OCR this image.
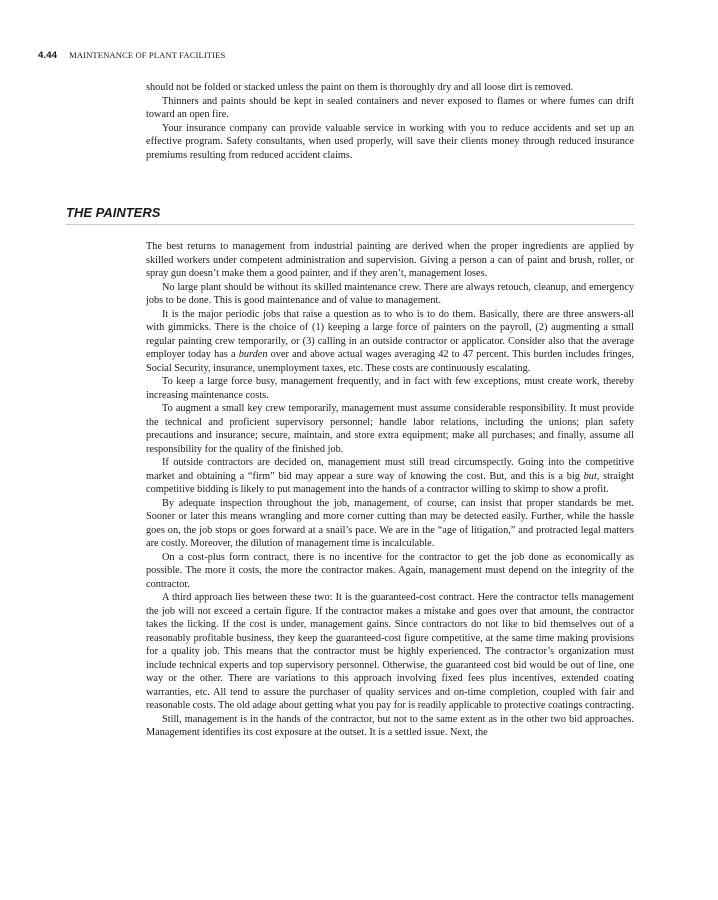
4.44 MAINTENANCE OF PLANT FACILITIES

should not be folded or stacked unless the paint on them is thoroughly dry and all loose dirt is removed.

Thinners and paints should be kept in sealed containers and never exposed to flames or where fumes can drift toward an open fire.

Your insurance company can provide valuable service in working with you to reduce accidents and set up an effective program. Safety consultants, when used properly, will save their clients money through reduced insurance premiums resulting from reduced accident claims.

THE PAINTERS

The best returns to management from industrial painting are derived when the proper ingredients are applied by skilled workers under competent administration and supervision. Giving a person a can of paint and brush, roller, or spray gun doesn’t make them a good painter, and if they aren’t, management loses.

No large plant should be without its skilled maintenance crew. There are always retouch, cleanup, and emergency jobs to be done. This is good maintenance and of value to management.

It is the major periodic jobs that raise a question as to who is to do them. Basically, there are three answers-all with gimmicks. There is the choice of (1) keeping a large force of painters on the payroll, (2) augmenting a small regular painting crew temporarily, or (3) calling in an outside contractor or applicator. Consider also that the average employer today has a burden over and above actual wages averaging 42 to 47 percent. This burden includes fringes, Social Security, insurance, unemployment taxes, etc. These costs are continuously escalating.

To keep a large force busy, management frequently, and in fact with few exceptions, must create work, thereby increasing maintenance costs.

To augment a small key crew temporarily, management must assume considerable responsibility. It must provide the technical and proficient supervisory personnel; handle labor relations, including the unions; plan safety precautions and insurance; secure, maintain, and store extra equipment; make all purchases; and finally, assume all responsibility for the quality of the finished job.

If outside contractors are decided on, management must still tread circumspectly. Going into the competitive market and obtaining a “firm” bid may appear a sure way of knowing the cost. But, and this is a big but, straight competitive bidding is likely to put management into the hands of a contractor willing to skimp to show a profit.

By adequate inspection throughout the job, management, of course, can insist that proper standards be met. Sooner or later this means wrangling and more corner cutting than may be detected easily. Further, while the hassle goes on, the job stops or goes forward at a snail’s pace. We are in the “age of litigation,” and protracted legal matters are costly. Moreover, the dilution of management time is incalculable.

On a cost-plus form contract, there is no incentive for the contractor to get the job done as economically as possible. The more it costs, the more the contractor makes. Again, management must depend on the integrity of the contractor.

A third approach lies between these two: It is the guaranteed-cost contract. Here the contractor tells management the job will not exceed a certain figure. If the contractor makes a mistake and goes over that amount, the contractor takes the licking. If the cost is under, management gains. Since contractors do not like to bid themselves out of a reasonably profitable business, they keep the guaranteed-cost figure competitive, at the same time making provisions for a quality job. This means that the contractor must be highly experienced. The contractor’s organization must include technical experts and top supervisory personnel. Otherwise, the guaranteed cost bid would be out of line, one way or the other. There are variations to this approach involving fixed fees plus incentives, extended coating warranties, etc. All tend to assure the purchaser of quality services and on-time completion, coupled with fair and reasonable costs. The old adage about getting what you pay for is readily applicable to protective coatings contracting.

Still, management is in the hands of the contractor, but not to the same extent as in the other two bid approaches. Management identifies its cost exposure at the outset. It is a settled issue. Next, the
